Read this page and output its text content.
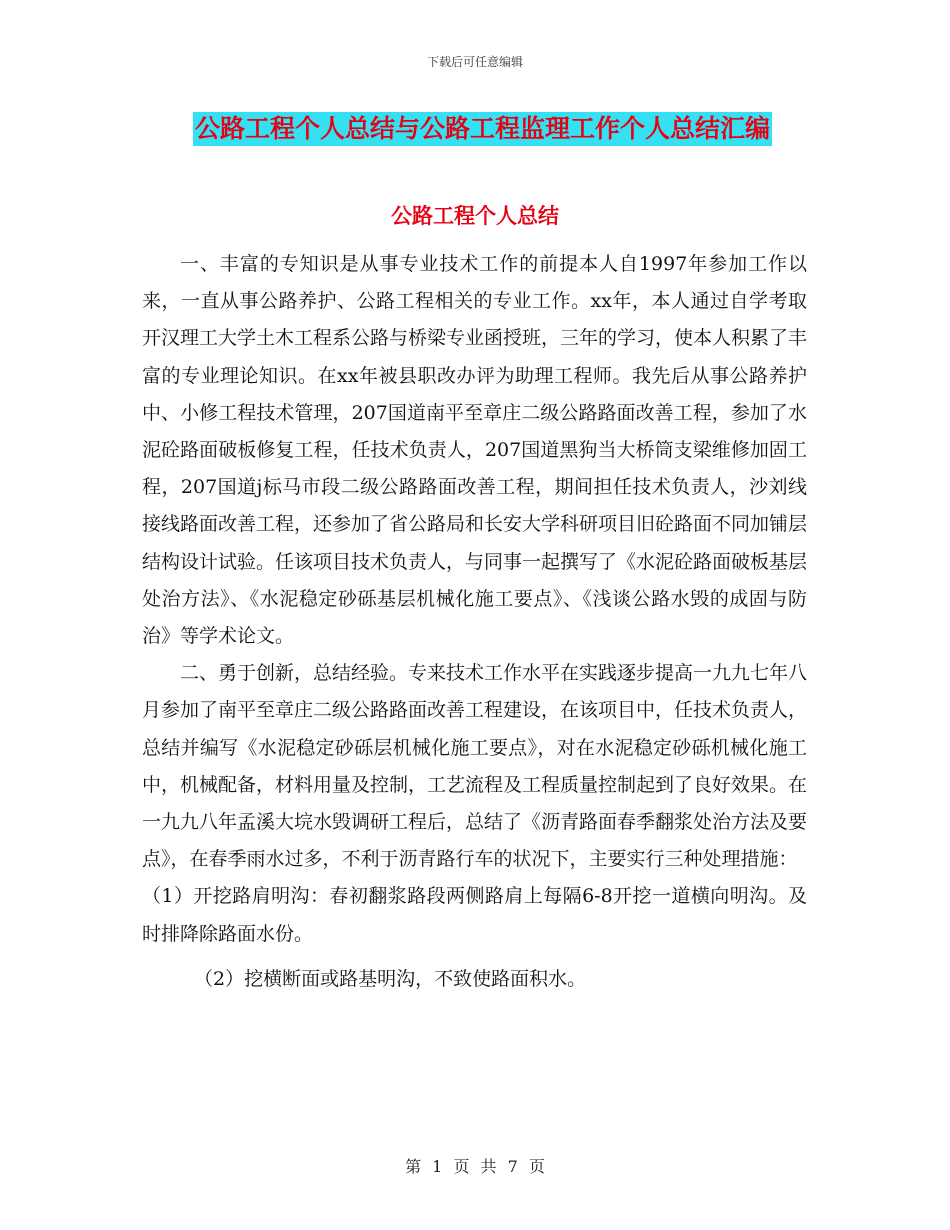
下载后可任意编辑
公路工程个人总结与公路工程监理工作个人总结汇编
公路工程个人总结

一、丰富的专知识是从事专业技术工作的前提本人自1997年参加工作以来，一直从事公路养护、公路工程相关的专业工作。xx年，本人通过自学考取开汉理工大学土木工程系公路与桥梁专业函授班，三年的学习，使本人积累了丰富的专业理论知识。在xx年被县职改办评为助理工程师。我先后从事公路养护中、小修工程技术管理，207国道南平至章庄二级公路路面改善工程，参加了水泥砼路面破板修复工程，任技术负责人，207国道黑狗当大桥筒支梁维修加固工程，207国道j标马市段二级公路路面改善工程，期间担任技术负责人，沙刘线接线路面改善工程，还参加了省公路局和长安大学科研项目旧砼路面不同加铺层结构设计试验。任该项目技术负责人，与同事一起撰写了《水泥砼路面破板基层处治方法》、《水泥稳定砂砾基层机械化施工要点》、《浅谈公路水毁的成固与防治》等学术论文。

二、勇于创新，总结经验。专来技术工作水平在实践逐步提高一九九七年八月参加了南平至章庄二级公路路面改善工程建设，在该项目中，任技术负责人，总结并编写《水泥稳定砂砾层机械化施工要点》，对在水泥稳定砂砾机械化施工中，机械配备，材料用量及控制，工艺流程及工程质量控制起到了良好效果。在一九九八年孟溪大垸水毁调研工程后，总结了《沥青路面春季翻浆处治方法及要点》，在春季雨水过多，不利于沥青路行车的状况下，主要实行三种处理措施：

（1）开挖路肩明沟：春初翻浆路段两侧路肩上每隔6-8开挖一道横向明沟。及时排降除路面水份。

（2）挖横断面或路基明沟，不致使路面积水。

第 1 页 共 7 页
